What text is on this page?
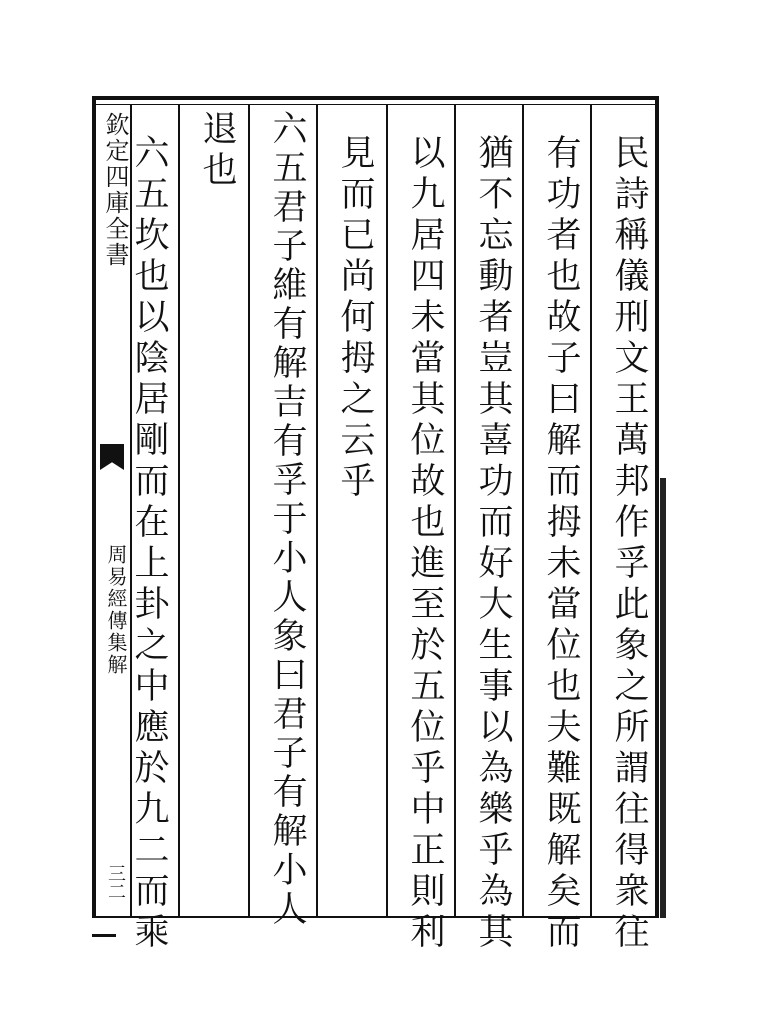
欽定四庫全書
周易經傳集解
三二	民詩稱儀刑文王萬邦作孚此象之所謂往得衆往
有功者也故子曰解而拇未當位也夫難既解矣而
猶不忘動者豈其喜功而好大生事以為樂乎為其
以九居四未當其位故也進至於五位乎中正則利
見而已尚何拇之云乎
六五君子維有解吉有孚于小人象曰君子有解小人
退也
六五坎也以陰居剛而在上卦之中應於九二而乘
